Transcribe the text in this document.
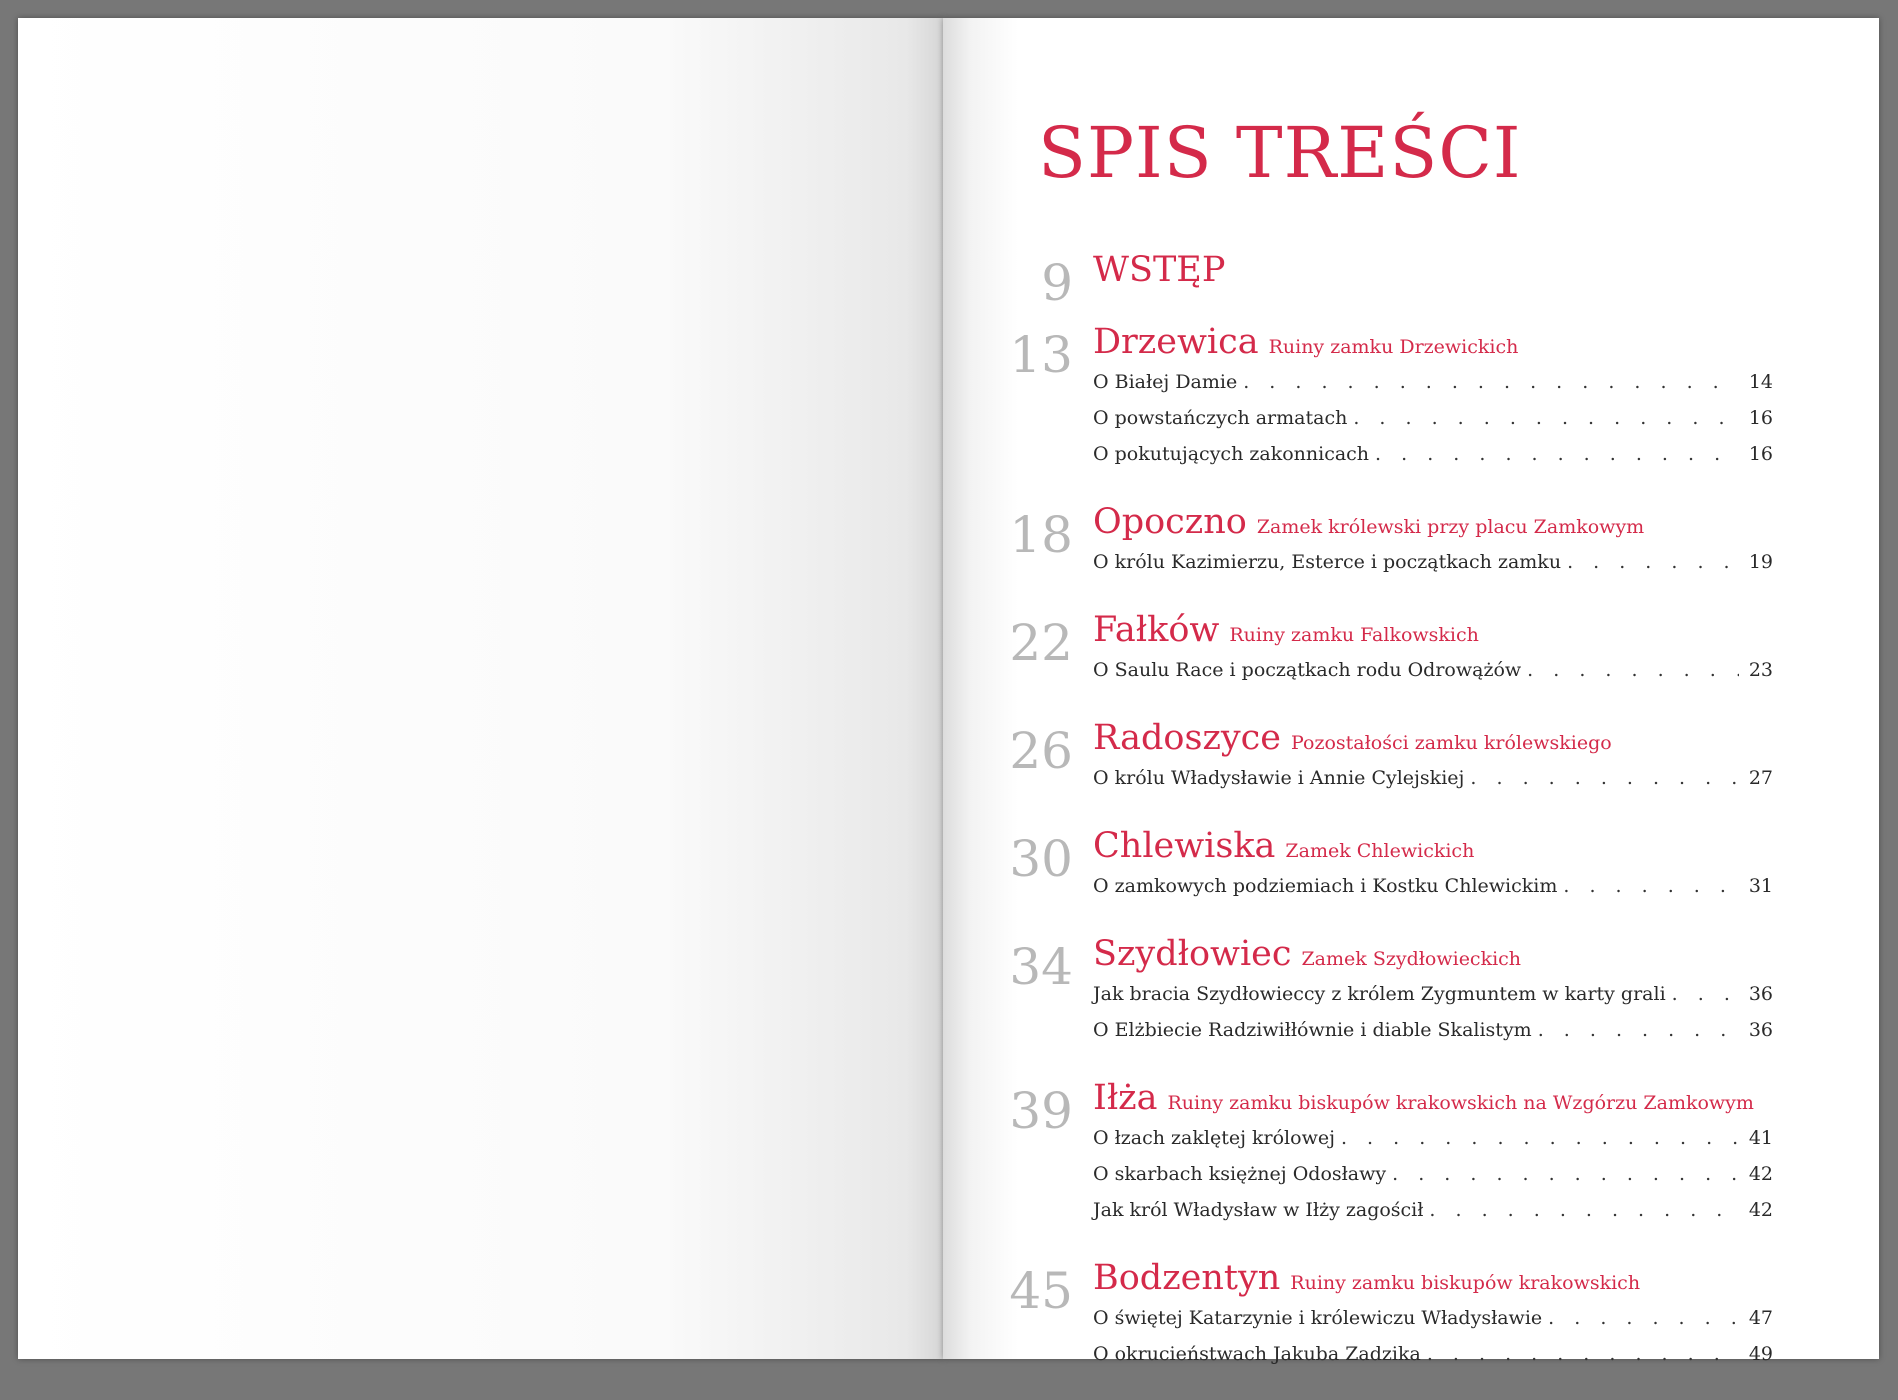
SPIS TREŚCI
9 WSTĘP
13 Drzewica Ruiny zamku Drzewickich
O Białej Damie . . .	14
O powstańczych armatach . . .	16
O pokutujących zakonnicach . . .	16
18 Opoczno Zamek królewski przy placu Zamkowym
O królu Kazimierzu, Esterce i początkach zamku . . .	19
22 Fałków Ruiny zamku Falkowskich
O Saulu Race i początkach rodu Odrowążów . . .	23
26 Radoszyce Pozostałości zamku królewskiego
O królu Władysławie i Annie Cylejskiej . . .	27
30 Chlewiska Zamek Chlewickich
O zamkowych podziemiach i Kostku Chlewickim . . .	31
34 Szydłowiec Zamek Szydłowieckich
Jak bracia Szydłowieccy z królem Zygmuntem w karty grali . . .	36
O Elżbiecie Radziwiłłównie i diable Skalistym . . .	36
39 Iłża Ruiny zamku biskupów krakowskich na Wzgórzu Zamkowym
O łzach zaklętej królowej . . .	41
O skarbach księżnej Odosławy . . .	42
Jak król Władysław w Iłży zagościł . . .	42
45 Bodzentyn Ruiny zamku biskupów krakowskich
O świętej Katarzynie i królewiczu Władysławie . . .	47
O okrucieństwach Jakuba Zadzika . . .	49
